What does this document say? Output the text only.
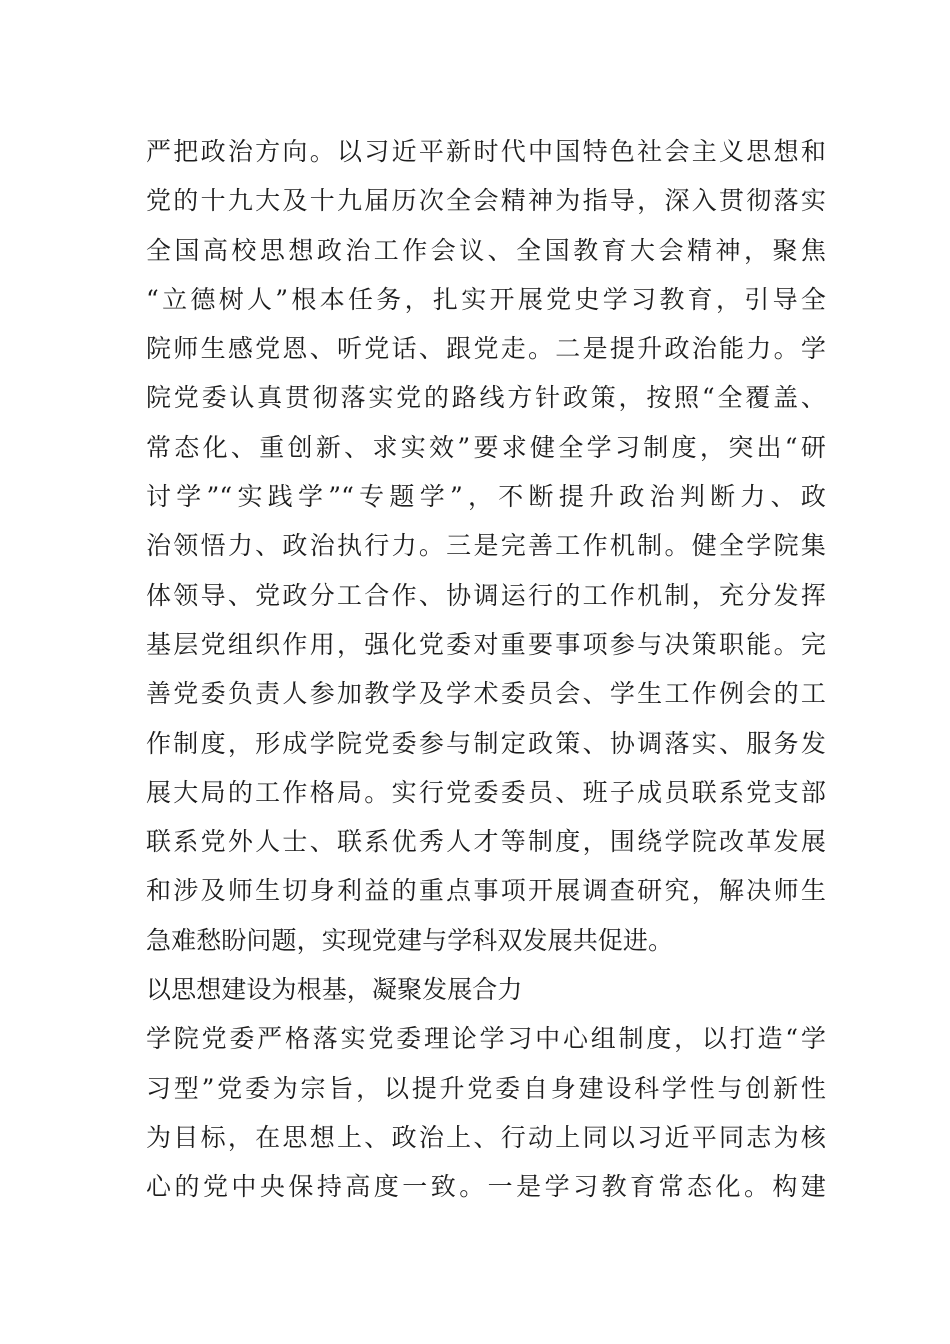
严把政治方向。以习近平新时代中国特色社会主义思想和
党的十九大及十九届历次全会精神为指导，深入贯彻落实
全国高校思想政治工作会议、全国教育大会精神，聚焦
“立德树人”根本任务，扎实开展党史学习教育，引导全
院师生感党恩、听党话、跟党走。二是提升政治能力。学
院党委认真贯彻落实党的路线方针政策，按照“全覆盖、
常态化、重创新、求实效”要求健全学习制度，突出“研
讨学”“实践学”“专题学”，不断提升政治判断力、政
治领悟力、政治执行力。三是完善工作机制。健全学院集
体领导、党政分工合作、协调运行的工作机制，充分发挥
基层党组织作用，强化党委对重要事项参与决策职能。完
善党委负责人参加教学及学术委员会、学生工作例会的工
作制度，形成学院党委参与制定政策、协调落实、服务发
展大局的工作格局。实行党委委员、班子成员联系党支部
联系党外人士、联系优秀人才等制度，围绕学院改革发展
和涉及师生切身利益的重点事项开展调查研究，解决师生
急难愁盼问题，实现党建与学科双发展共促进。
以思想建设为根基，凝聚发展合力
学院党委严格落实党委理论学习中心组制度，以打造“学
习型”党委为宗旨，以提升党委自身建设科学性与创新性
为目标，在思想上、政治上、行动上同以习近平同志为核
心的党中央保持高度一致。一是学习教育常态化。构建
